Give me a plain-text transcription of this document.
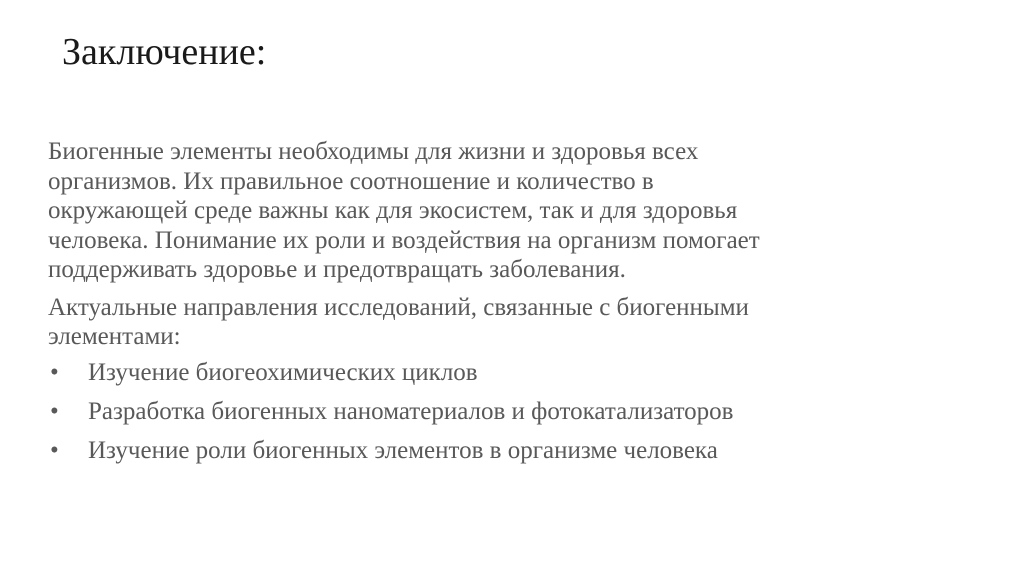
Заключение:

Биогенные элементы необходимы для жизни и здоровья всех
организмов. Их правильное соотношение и количество в
окружающей среде важны как для экосистем, так и для здоровья
человека. Понимание их роли и воздействия на организм помогает
поддерживать здоровье и предотвращать заболевания.

Актуальные направления исследований, связанные с биогенными
элементами:

• Изучение биогеохимических циклов
• Разработка биогенных наноматериалов и фотокатализаторов
• Изучение роли биогенных элементов в организме человека
